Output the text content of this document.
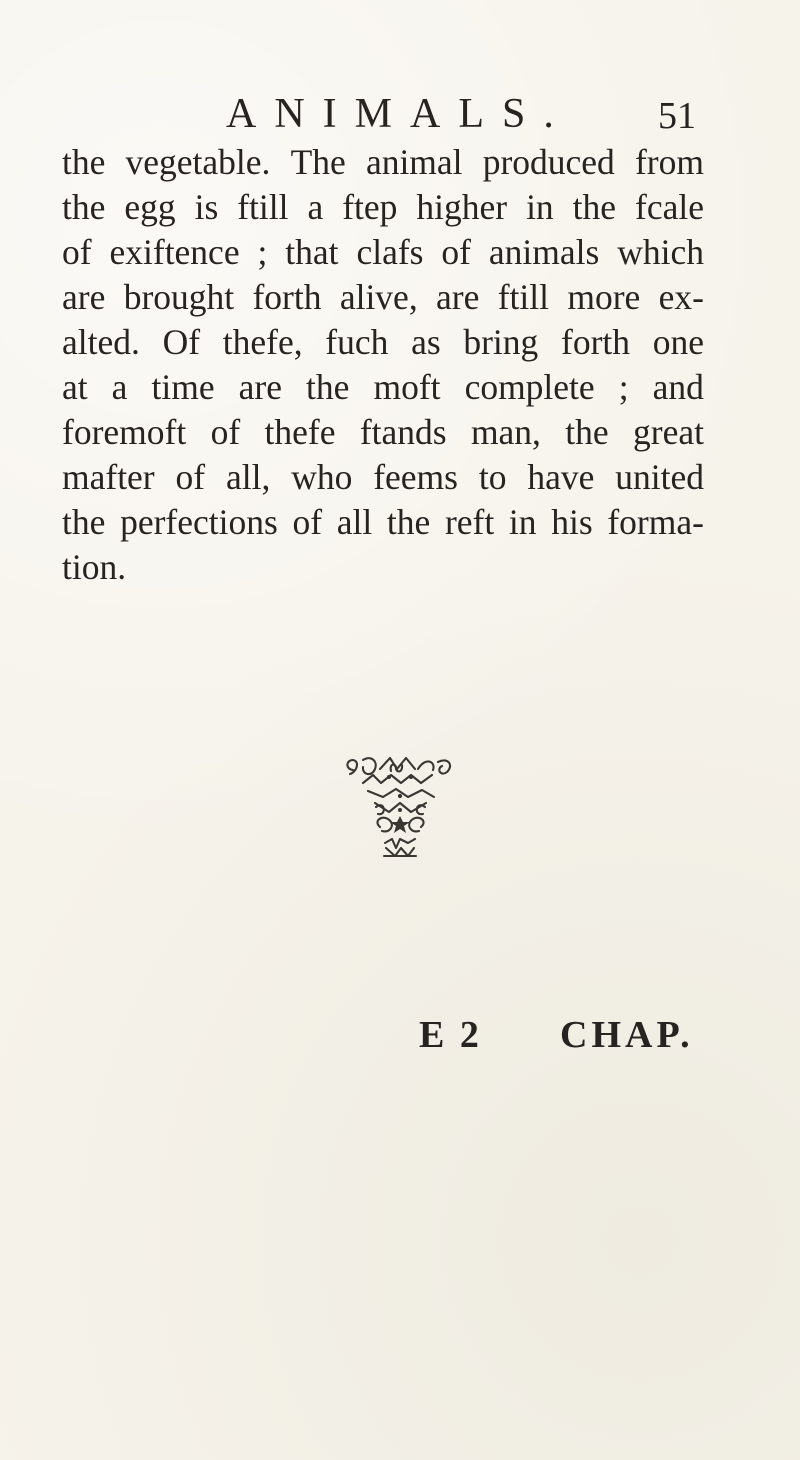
ANIMALS. 51
the vegetable. The animal produced from
the egg is ftill a ftep higher in the fcale
of exiftence ; that clafs of animals which
are brought forth alive, are ftill more ex-
alted. Of thefe, fuch as bring forth one
at a time are the moft complete ; and
foremoft of thefe ftands man, the great
mafter of all, who feems to have united
the perfections of all the reft in his forma-
tion.
E 2 CHAP.
